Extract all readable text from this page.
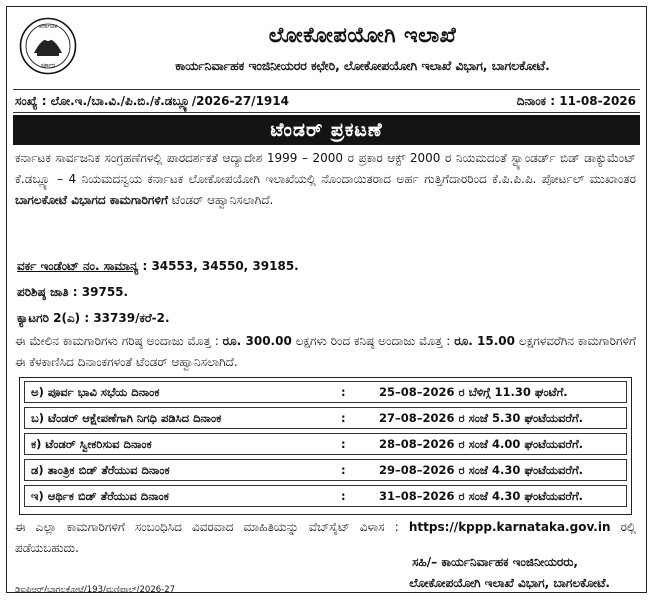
ಕರ್ನಾಟಕ
ಸರ್ಕಾರ
ಲೋಕೋಪಯೋಗಿ ಇಲಾಖೆ
ಕಾರ್ಯನಿರ್ವಾಹಕ ಇಂಜಿನೀಯರರ ಕಛೇರಿ, ಲೋಕೋಪಯೋಗಿ ಇಲಾಖೆ ವಿಭಾಗ, ಬಾಗಲಕೋಟೆ.
ಸಂಖ್ಯೆ : ಲೋ.ಇ./ಬಾ.ವಿ./ಪಿ.ಬಿ./ಕೆ.ಡಬ್ಲ್ಯೂ/2026-27/1914	ದಿನಾಂಕ : 11-08-2026
ಟೆಂಡರ್ ಪ್ರಕಟಣೆ
ಕರ್ನಾಟಕ ಸಾರ್ವಜನಿಕ ಸಂಗ್ರಹಣೆಗಳಲ್ಲಿ ಪಾರದರ್ಶಕತೆ ಆದ್ಯಾದೇಶ 1999 – 2000 ರ ಪ್ರಕಾರ ಆಕ್ಟ್ 2000 ರ ನಿಯಮದಂತೆ ಸ್ಟ್ಯಾಂಡರ್ಡ್ ಬಿಡ್ ಡಾಕ್ಯುಮೆಂಟ್ ಕೆ.ಡಬ್ಲ್ಯೂ – 4 ನಿಯಮದನ್ವಯ ಕರ್ನಾಟಕ ಲೋಕೋಪಯೋಗಿ ಇಲಾಖೆಯಲ್ಲಿ ನೊಂದಾಯಿತರಾದ ಅರ್ಹ ಗುತ್ತಿಗೆದಾರರಿಂದ ಕೆ.ಪಿ.ಪಿ.ಪಿ. ಪೋರ್ಟಲ್ ಮುಖಾಂತರ ಬಾಗಲಕೋಟೆ ವಿಭಾಗದ ಕಾಮಗಾರಿಗಳಿಗೆ ಟೆಂಡರ್ ಆಹ್ವಾನಿಸಲಾಗಿದೆ.
ವರ್ಕ ಇಂಡೆಂಟ್ ನಂ. ಸಾಮಾನ್ಯ : 34553, 34550, 39185.
ಪರಿಶಿಷ್ಠ ಜಾತಿ : 39755.
ಕ್ಯಾಟಗರಿ 2(ಎ) : 33739/ಕರೆ-2.
ಈ ಮೇಲಿನ ಕಾಮಗಾರಿಗಳು ಗರಿಷ್ಠ ಅಂದಾಜು ಮೊತ್ತ : ರೂ. 300.00 ಲಕ್ಷಗಳು ರಿಂದ ಕನಿಷ್ಠ ಅಂದಾಜು ಮೊತ್ತ : ರೂ. 15.00 ಲಕ್ಷಗಳವರೆಗಿನ ಕಾಮಗಾರಿಗಳಿಗೆ ಈ ಕೆಳಕಾಣಿಸಿದ ದಿನಾಂಕಗಳಂತೆ ಟೆಂಡರ್ ಆಹ್ವಾನಿಸಲಾಗಿದೆ.
ಅ) ಪೂರ್ವ ಭಾವಿ ಸಭೆಯ ದಿನಾಂಕ	:	25–08–2026 ರ ಬೆಳಿಗ್ಗೆ 11.30 ಘಂಟೆಗೆ.
ಬ) ಟೆಂಡರ್ ಆಕ್ಷೇಪಣೆಗಾಗಿ ನಿಗಧಿ ಪಡಿಸಿದ ದಿನಾಂಕ	:	27–08–2026 ರ ಸಂಜೆ 5.30 ಘಂಟೆಯವರೆಗೆ.
ಕ) ಟೆಂಡರ್ ಸ್ವೀಕರಿಸುವ ದಿನಾಂಕ	:	28–08–2026 ರ ಸಂಜೆ 4.00 ಘಂಟೆಯವರೆಗೆ.
ಡ) ತಾಂತ್ರಿಕ ಬಿಡ್ ತೆರೆಯುವ ದಿನಾಂಕ	:	29–08–2026 ರ ಸಂಜೆ 4.30 ಘಂಟೆಯವರೆಗೆ.
ಇ) ಆರ್ಥಿಕ ಬಿಡ್ ತೆರೆಯುವ ದಿನಾಂಕ	:	31–08–2026 ರ ಸಂಜೆ 4.30 ಘಂಟೆಯವರೆಗೆ.
ಈ ಎಲ್ಲಾ ಕಾಮಗಾರಿಗಳಿಗೆ ಸಂಬಂಧಿಸಿದ ವಿವರವಾದ ಮಾಹಿತಿಯನ್ನು ವೆಬ್‌ಸೈಟ್ ವಿಳಾಸ : https://kppp.karnataka.gov.in ರಲ್ಲಿ ಪಡೆಯಬಹುದು.
ಸಹಿ/– ಕಾರ್ಯನಿರ್ವಾಹಕ ಇಂಜಿನೀಯರರು,
ಲೋಕೋಪಯೋಗಿ ಇಲಾಖೆ ವಿಭಾಗ, ಬಾಗಲಕೋಟೆ.
ಡಿಐಪಿಆರ್/ಬಾಗಲಕೋಟೆ/193/ಮಣಿಪಾಲ್/2026-27
